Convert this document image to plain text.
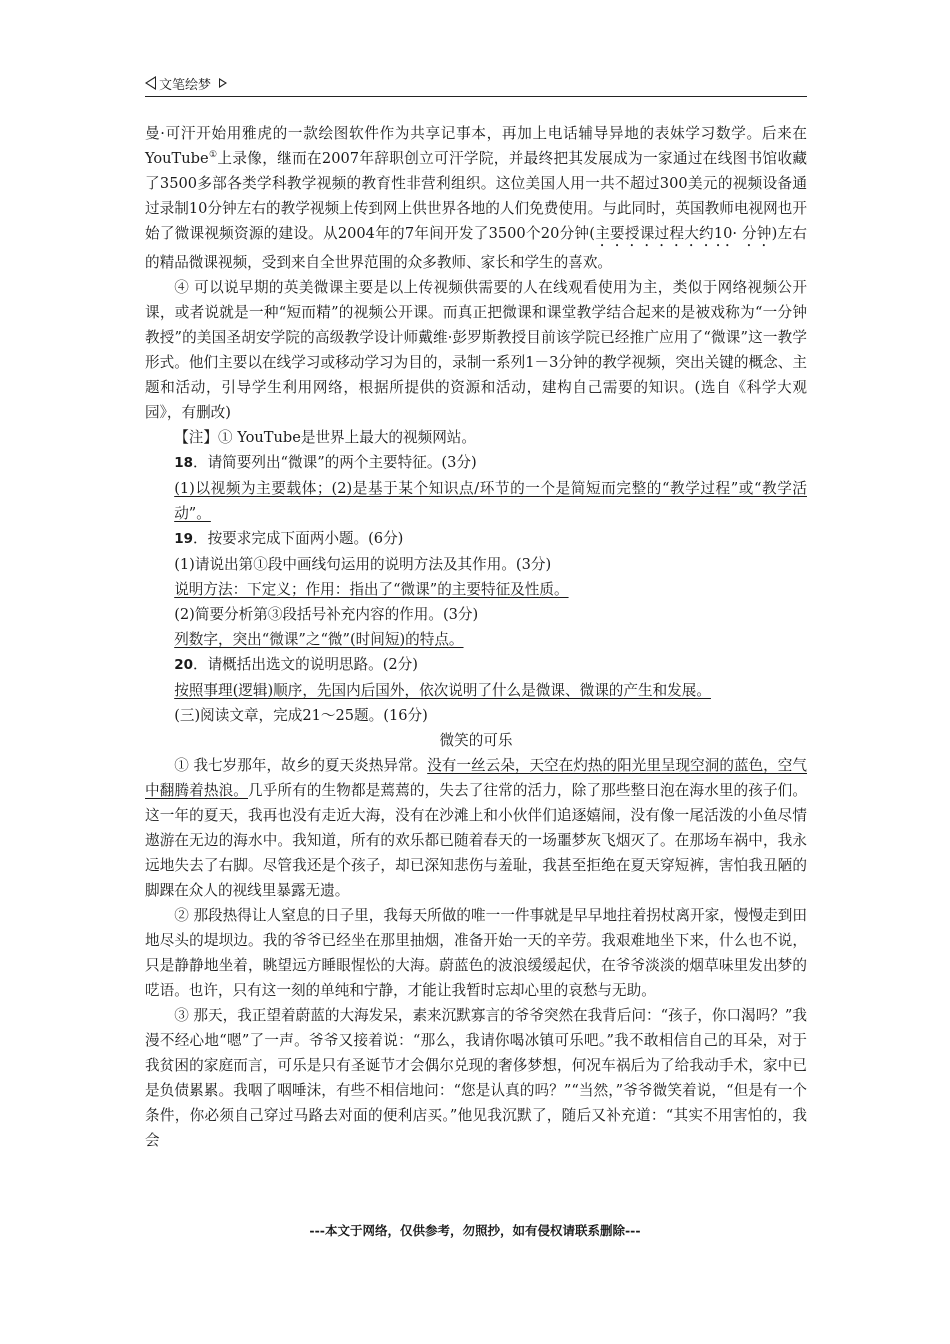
文笔绘梦

曼·可汗开始用雅虎的一款绘图软件作为共享记事本，再加上电话辅导异地的表妹学习数学。后来在YouTube①上录像，继而在2007年辞职创立可汗学院，并最终把其发展成为一家通过在线图书馆收藏了3500多部各类学科教学视频的教育性非营利组织。这位美国人用一共不超过300美元的视频设备通过录制10分钟左右的教学视频上传到网上供世界各地的人们免费使用。与此同时，英国教师电视网也开始了微课视频资源的建设。从2004年的7年间开发了3500个20分钟(主要授课过程大约10· 分钟)左右的精品微课视频，受到来自全世界范围的众多教师、家长和学生的喜欢。

④ 可以说早期的英美微课主要是以上传视频供需要的人在线观看使用为主，类似于网络视频公开课，或者说就是一种“短而精”的视频公开课。而真正把微课和课堂教学结合起来的是被戏称为“一分钟教授”的美国圣胡安学院的高级教学设计师戴维·彭罗斯教授目前该学院已经推广应用了“微课”这一教学形式。他们主要以在线学习或移动学习为目的，录制一系列1－3分钟的教学视频，突出关键的概念、主题和活动，引导学生利用网络，根据所提供的资源和活动，建构自己需要的知识。(选自《科学大观园》，有删改)

【注】① YouTube是世界上最大的视频网站。

18．请简要列出“微课”的两个主要特征。(3分)

(1)以视频为主要载体；(2)是基于某个知识点/环节的一个是简短而完整的“教学过程”或“教学活动”。

19．按要求完成下面两小题。(6分)

(1)请说出第①段中画线句运用的说明方法及其作用。(3分)

说明方法：下定义；作用：指出了“微课”的主要特征及性质。

(2)简要分析第③段括号补充内容的作用。(3分)

列数字，突出“微课”之“微”(时间短)的特点。

20．请概括出选文的说明思路。(2分)

按照事理(逻辑)顺序，先国内后国外，依次说明了什么是微课、微课的产生和发展。

(三)阅读文章，完成21～25题。(16分)

微笑的可乐

① 我七岁那年，故乡的夏天炎热异常。没有一丝云朵，天空在灼热的阳光里呈现空洞的蓝色，空气中翻腾着热浪。几乎所有的生物都是蔫蔫的，失去了往常的活力，除了那些整日泡在海水里的孩子们。这一年的夏天，我再也没有走近大海，没有在沙滩上和小伙伴们追逐嬉闹，没有像一尾活泼的小鱼尽情遨游在无边的海水中。我知道，所有的欢乐都已随着春天的一场噩梦灰飞烟灭了。在那场车祸中，我永远地失去了右脚。尽管我还是个孩子，却已深知悲伤与羞耻，我甚至拒绝在夏天穿短裤，害怕我丑陋的脚踝在众人的视线里暴露无遗。

② 那段热得让人窒息的日子里，我每天所做的唯一一件事就是早早地拄着拐杖离开家，慢慢走到田地尽头的堤坝边。我的爷爷已经坐在那里抽烟，准备开始一天的辛劳。我艰难地坐下来，什么也不说，只是静静地坐着，眺望远方睡眼惺忪的大海。蔚蓝色的波浪缓缓起伏，在爷爷淡淡的烟草味里发出梦的呓语。也许，只有这一刻的单纯和宁静，才能让我暂时忘却心里的哀愁与无助。

③ 那天，我正望着蔚蓝的大海发呆，素来沉默寡言的爷爷突然在我背后问：“孩子，你口渴吗？”我漫不经心地“嗯”了一声。爷爷又接着说：“那么，我请你喝冰镇可乐吧。”我不敢相信自己的耳朵，对于我贫困的家庭而言，可乐是只有圣诞节才会偶尔兑现的奢侈梦想，何况车祸后为了给我动手术，家中已是负债累累。我咽了咽唾沫，有些不相信地问：“您是认真的吗？”“当然，”爷爷微笑着说，“但是有一个条件，你必须自己穿过马路去对面的便利店买。”他见我沉默了，随后又补充道：“其实不用害怕的，我会

---本文于网络，仅供参考，勿照抄，如有侵权请联系删除---
